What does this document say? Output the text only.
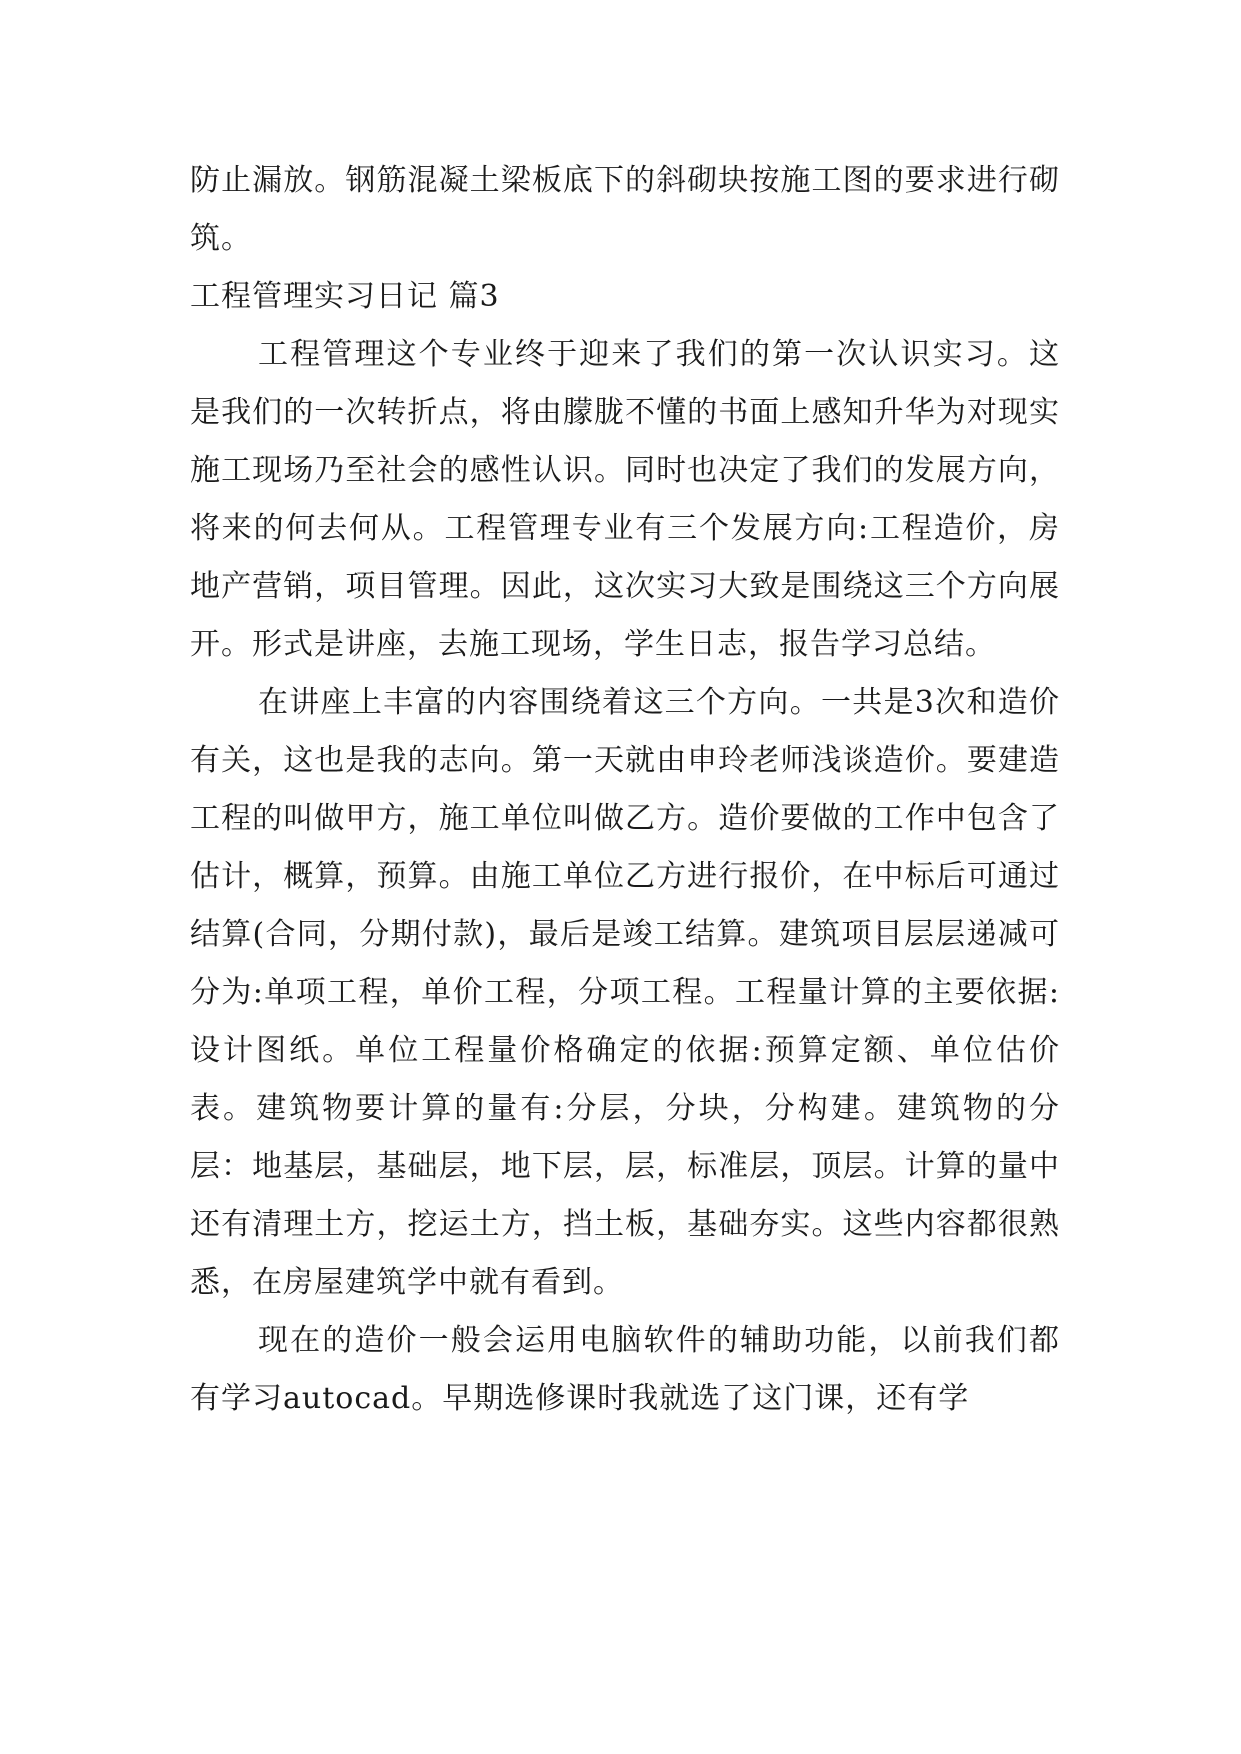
防止漏放。钢筋混凝土梁板底下的斜砌块按施工图的要求进行砌筑。

工程管理实习日记 篇3

工程管理这个专业终于迎来了我们的第一次认识实习。这是我们的一次转折点，将由朦胧不懂的书面上感知升华为对现实施工现场乃至社会的感性认识。同时也决定了我们的发展方向，将来的何去何从。工程管理专业有三个发展方向:工程造价，房地产营销，项目管理。因此，这次实习大致是围绕这三个方向展开。形式是讲座，去施工现场，学生日志，报告学习总结。

在讲座上丰富的内容围绕着这三个方向。一共是3次和造价有关，这也是我的志向。第一天就由申玲老师浅谈造价。要建造工程的叫做甲方，施工单位叫做乙方。造价要做的工作中包含了估计，概算，预算。由施工单位乙方进行报价，在中标后可通过结算(合同，分期付款)，最后是竣工结算。建筑项目层层递减可分为:单项工程，单价工程，分项工程。工程量计算的主要依据:设计图纸。单位工程量价格确定的依据:预算定额、单位估价表。建筑物要计算的量有:分层，分块，分构建。建筑物的分层：地基层，基础层，地下层，层，标准层，顶层。计算的量中还有清理土方，挖运土方，挡土板，基础夯实。这些内容都很熟悉，在房屋建筑学中就有看到。

现在的造价一般会运用电脑软件的辅助功能，以前我们都有学习autocad。早期选修课时我就选了这门课，还有学
